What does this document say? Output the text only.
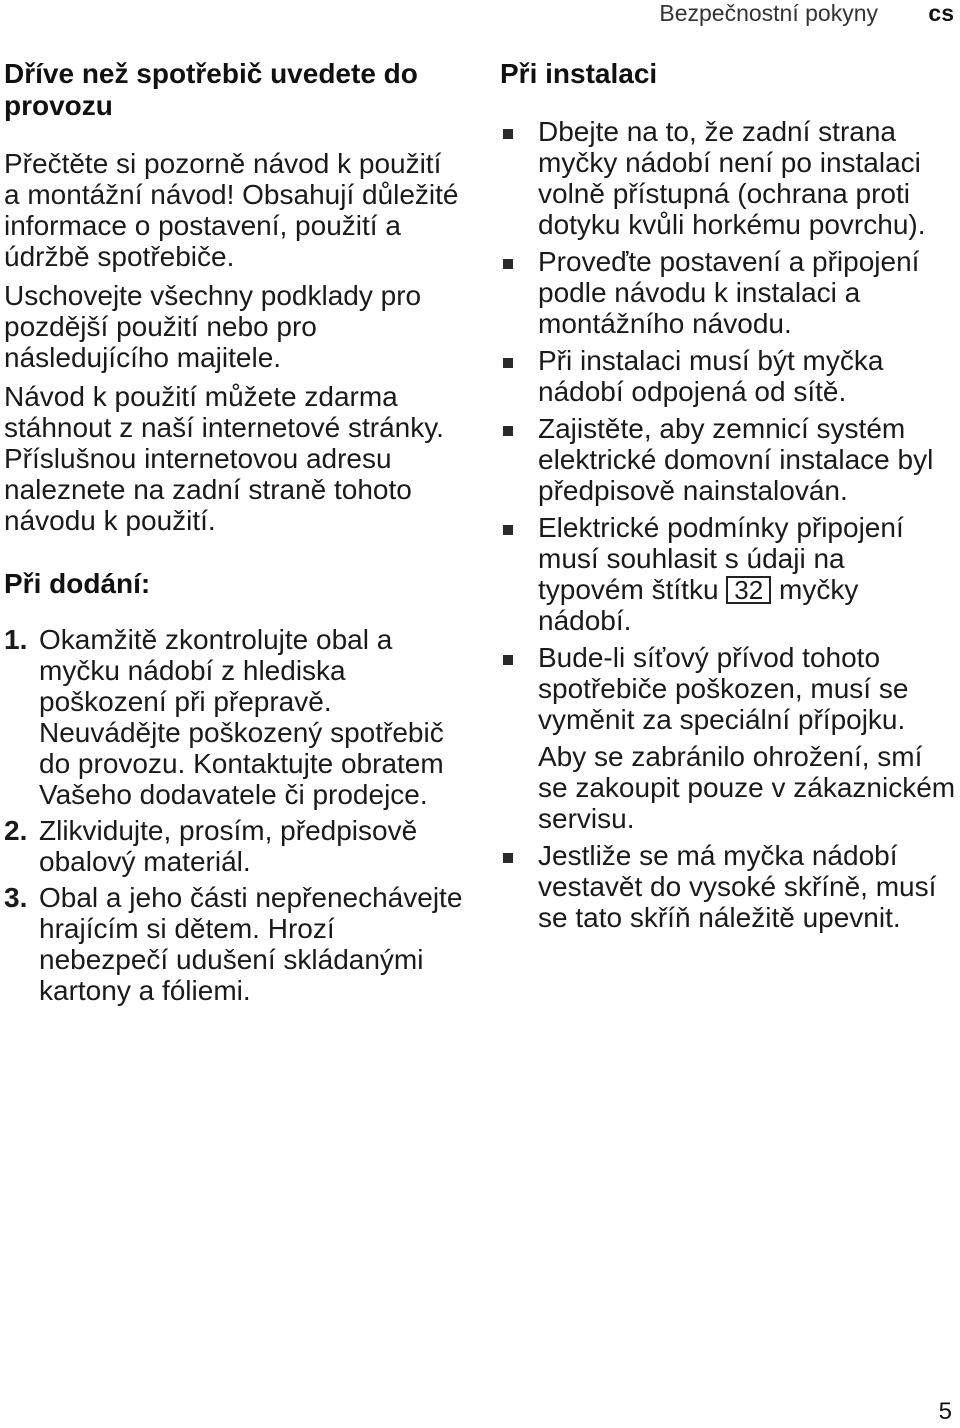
Bezpečnostní pokyny cs
Dříve než spotřebič uvedete do provozu

Přečtěte si pozorně návod k použití a montážní návod! Obsahují důležité informace o postavení, použití a údržbě spotřebiče.

Uschovejte všechny podklady pro pozdější použití nebo pro následujícího majitele.

Návod k použití můžete zdarma stáhnout z naší internetové stránky. Příslušnou internetovou adresu naleznete na zadní straně tohoto návodu k použití.

Při dodání:
1. Okamžitě zkontrolujte obal a myčku nádobí z hlediska poškození při přepravě. Neuvádějte poškozený spotřebič do provozu. Kontaktujte obratem Vašeho dodavatele či prodejce.
2. Zlikvidujte, prosím, předpisově obalový materiál.
3. Obal a jeho části nepřenechávejte hrajícím si dětem. Hrozí nebezpečí udušení skládanými kartony a fóliemi.
Při instalaci
Dbejte na to, že zadní strana myčky nádobí není po instalaci volně přístupná (ochrana proti dotyku kvůli horkému povrchu).
Proveďte postavení a připojení podle návodu k instalaci a montážního návodu.
Při instalaci musí být myčka nádobí odpojená od sítě.
Zajistěte, aby zemnicí systém elektrické domovní instalace byl předpisově nainstalován.
Elektrické podmínky připojení musí souhlasit s údaji na typovém štítku 32 myčky nádobí.
Bude-li síťový přívod tohoto spotřebiče poškozen, musí se vyměnit za speciální přípojku.

Aby se zabránilo ohrožení, smí se zakoupit pouze v zákaznickém servisu.

Jestliže se má myčka nádobí vestavět do vysoké skříně, musí se tato skříň náležitě upevnit.
5
